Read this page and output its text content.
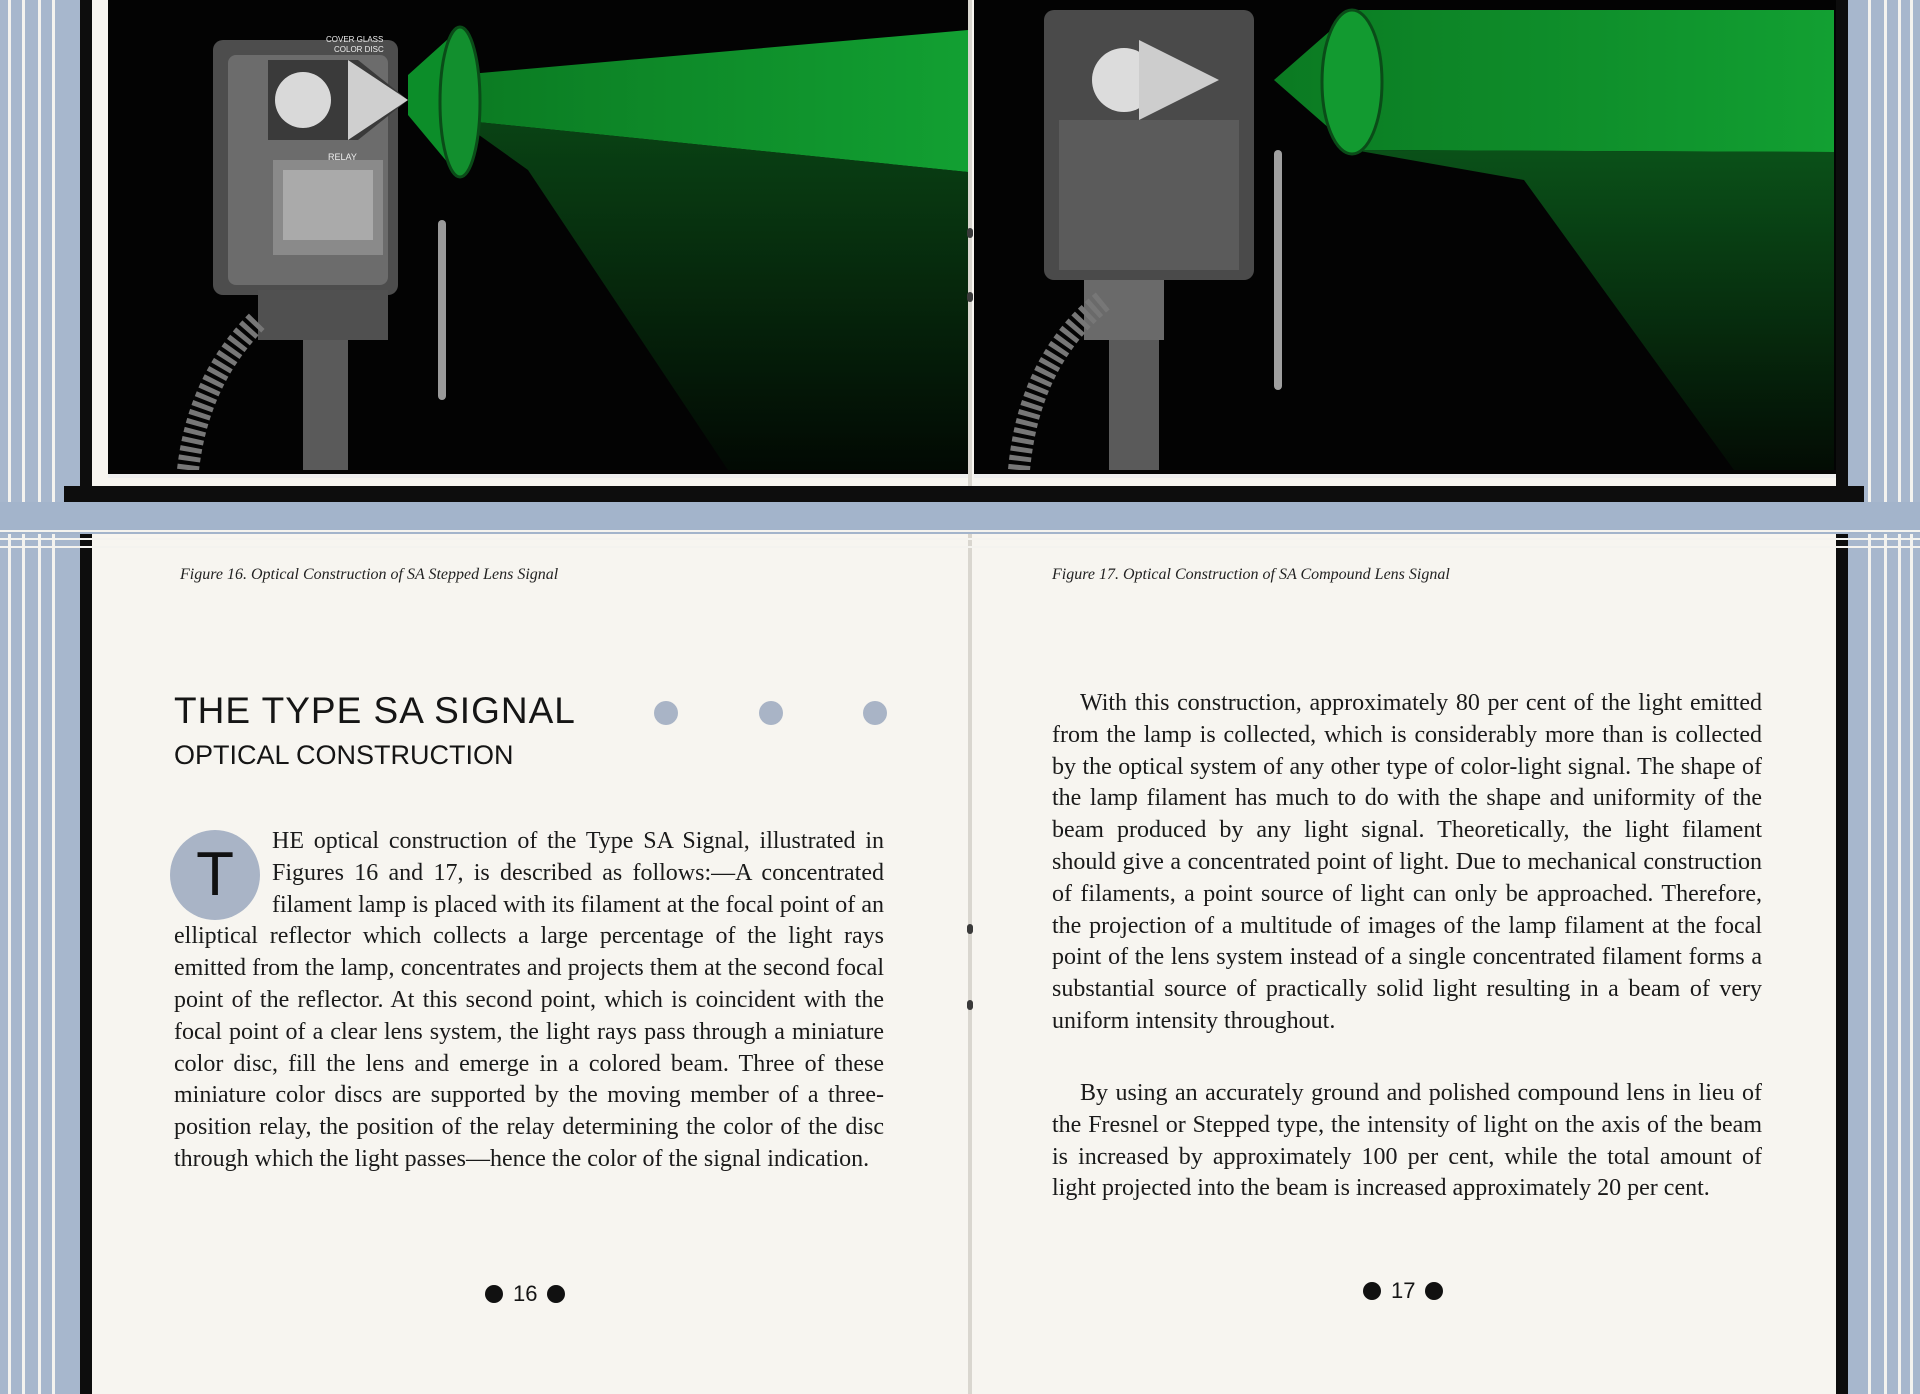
COVER GLASS
COLOR DISC
RELAY
Figure 16. Optical Construction of SA Stepped Lens Signal	Figure 17. Optical Construction of SA Compound Lens Signal
THE TYPE SA SIGNAL
OPTICAL CONSTRUCTION
T	HE optical construction of the Type SA Signal, illustrated in Figures 16 and 17, is described as follows:—A concentrated filament lamp is placed with its filament at the focal point of an elliptical reflector which collects a large percentage of the light rays emitted from the lamp, concentrates and projects them at the second focal point of the reflector. At this second point, which is coincident with the focal point of a clear lens system, the light rays pass through a miniature color disc, fill the lens and emerge in a colored beam. Three of these miniature color discs are supported by the moving member of a three-position relay, the position of the relay determining the color of the disc through which the light passes—hence the color of the signal indication.
With this construction, approximately 80 per cent of the light emitted from the lamp is collected, which is considerably more than is collected by the optical system of any other type of color-light signal. The shape of the lamp filament has much to do with the shape and uniformity of the beam produced by any light signal. Theoretically, the light filament should give a concentrated point of light. Due to mechanical construction of filaments, a point source of light can only be approached. Therefore, the projection of a multitude of images of the lamp filament at the focal point of the lens system instead of a single concentrated filament forms a substantial source of practically solid light resulting in a beam of very uniform intensity throughout.
By using an accurately ground and polished compound lens in lieu of the Fresnel or Stepped type, the intensity of light on the axis of the beam is increased by approximately 100 per cent, while the total amount of light projected into the beam is increased approximately 20 per cent.
16	17
